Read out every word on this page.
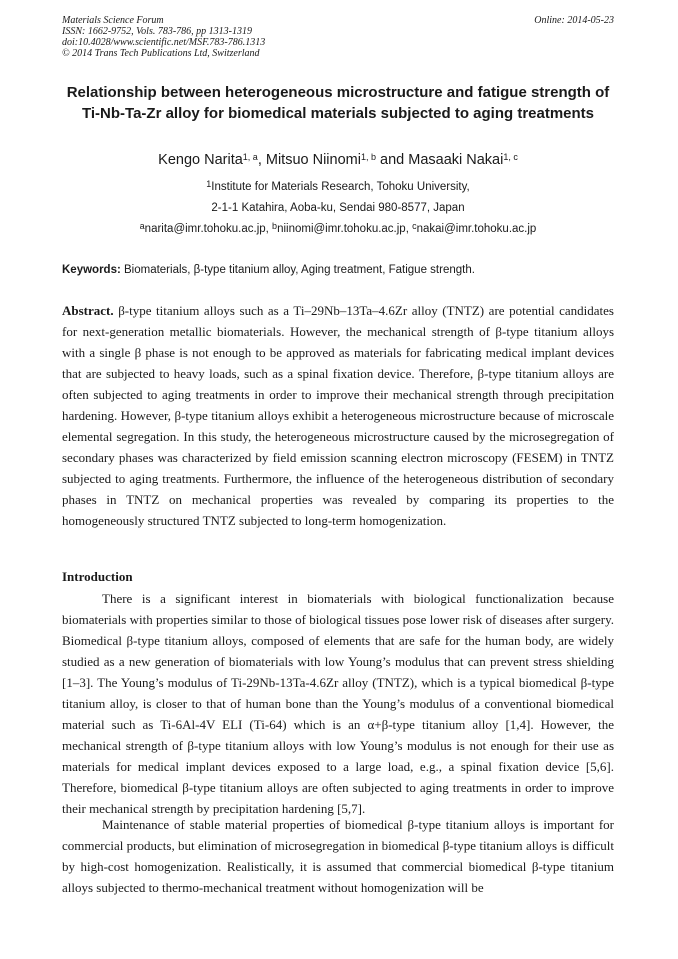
Materials Science Forum
ISSN: 1662-9752, Vols. 783-786, pp 1313-1319
doi:10.4028/www.scientific.net/MSF.783-786.1313
© 2014 Trans Tech Publications Ltd, Switzerland
Online: 2014-05-23
Relationship between heterogeneous microstructure and fatigue strength of Ti-Nb-Ta-Zr alloy for biomedical materials subjected to aging treatments
Kengo Narita$^{1, a}$, Mitsuo Niinomi$^{1, b}$ and Masaaki Nakai$^{1, c}$
$^1$Institute for Materials Research, Tohoku University,
2-1-1 Katahira, Aoba-ku, Sendai 980-8577, Japan
$^a$narita@imr.tohoku.ac.jp, $^b$niinomi@imr.tohoku.ac.jp, $^c$nakai@imr.tohoku.ac.jp
Keywords: Biomaterials, β-type titanium alloy, Aging treatment, Fatigue strength.
Abstract. β-type titanium alloys such as a Ti–29Nb–13Ta–4.6Zr alloy (TNTZ) are potential candidates for next-generation metallic biomaterials. However, the mechanical strength of β-type titanium alloys with a single β phase is not enough to be approved as materials for fabricating medical implant devices that are subjected to heavy loads, such as a spinal fixation device. Therefore, β-type titanium alloys are often subjected to aging treatments in order to improve their mechanical strength through precipitation hardening. However, β-type titanium alloys exhibit a heterogeneous microstructure because of microscale elemental segregation. In this study, the heterogeneous microstructure caused by the microsegregation of secondary phases was characterized by field emission scanning electron microscopy (FESEM) in TNTZ subjected to aging treatments. Furthermore, the influence of the heterogeneous distribution of secondary phases in TNTZ on mechanical properties was revealed by comparing its properties to the homogeneously structured TNTZ subjected to long-term homogenization.
Introduction
There is a significant interest in biomaterials with biological functionalization because biomaterials with properties similar to those of biological tissues pose lower risk of diseases after surgery. Biomedical β-type titanium alloys, composed of elements that are safe for the human body, are widely studied as a new generation of biomaterials with low Young’s modulus that can prevent stress shielding [1–3]. The Young’s modulus of Ti-29Nb-13Ta-4.6Zr alloy (TNTZ), which is a typical biomedical β-type titanium alloy, is closer to that of human bone than the Young’s modulus of a conventional biomedical material such as Ti-6Al-4V ELI (Ti-64) which is an α+β-type titanium alloy [1,4]. However, the mechanical strength of β-type titanium alloys with low Young’s modulus is not enough for their use as materials for medical implant devices exposed to a large load, e.g., a spinal fixation device [5,6]. Therefore, biomedical β-type titanium alloys are often subjected to aging treatments in order to improve their mechanical strength by precipitation hardening [5,7].
Maintenance of stable material properties of biomedical β-type titanium alloys is important for commercial products, but elimination of microsegregation in biomedical β-type titanium alloys is difficult by high-cost homogenization. Realistically, it is assumed that commercial biomedical β-type titanium alloys subjected to thermo-mechanical treatment without homogenization will be
